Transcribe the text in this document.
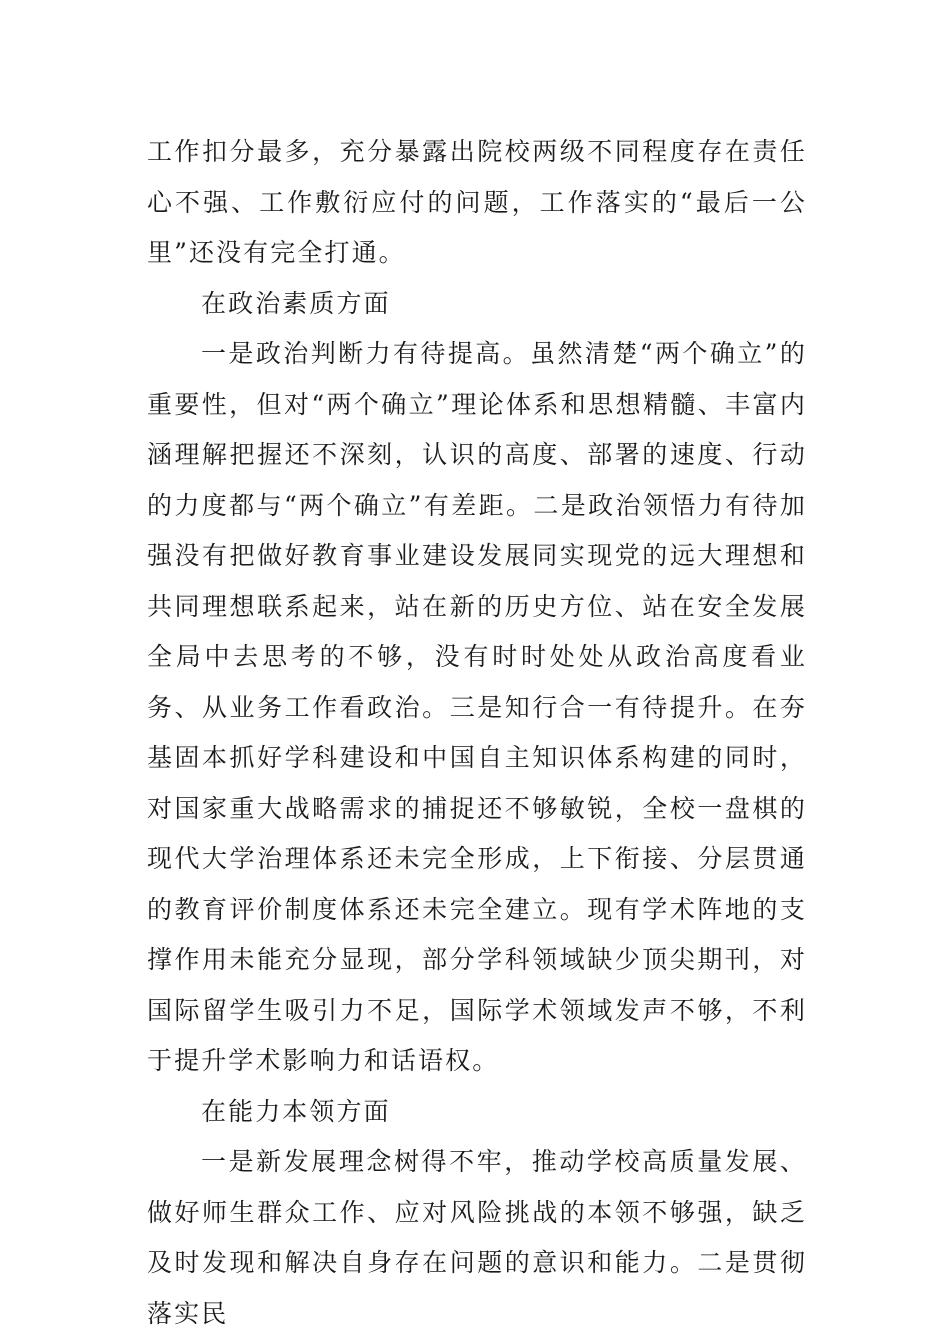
工作扣分最多，充分暴露出院校两级不同程度存在责任心不强、工作敷衍应付的问题，工作落实的“最后一公里”还没有完全打通。

在政治素质方面

一是政治判断力有待提高。虽然清楚“两个确立”的重要性，但对“两个确立”理论体系和思想精髓、丰富内涵理解把握还不深刻，认识的高度、部署的速度、行动的力度都与“两个确立”有差距。二是政治领悟力有待加强没有把做好教育事业建设发展同实现党的远大理想和共同理想联系起来，站在新的历史方位、站在安全发展全局中去思考的不够，没有时时处处从政治高度看业务、从业务工作看政治。三是知行合一有待提升。在夯基固本抓好学科建设和中国自主知识体系构建的同时，对国家重大战略需求的捕捉还不够敏锐，全校一盘棋的现代大学治理体系还未完全形成，上下衔接、分层贯通的教育评价制度体系还未完全建立。现有学术阵地的支撑作用未能充分显现，部分学科领域缺少顶尖期刊，对国际留学生吸引力不足，国际学术领域发声不够，不利于提升学术影响力和话语权。

在能力本领方面

一是新发展理念树得不牢，推动学校高质量发展、做好师生群众工作、应对风险挑战的本领不够强，缺乏及时发现和解决自身存在问题的意识和能力。二是贯彻落实民
